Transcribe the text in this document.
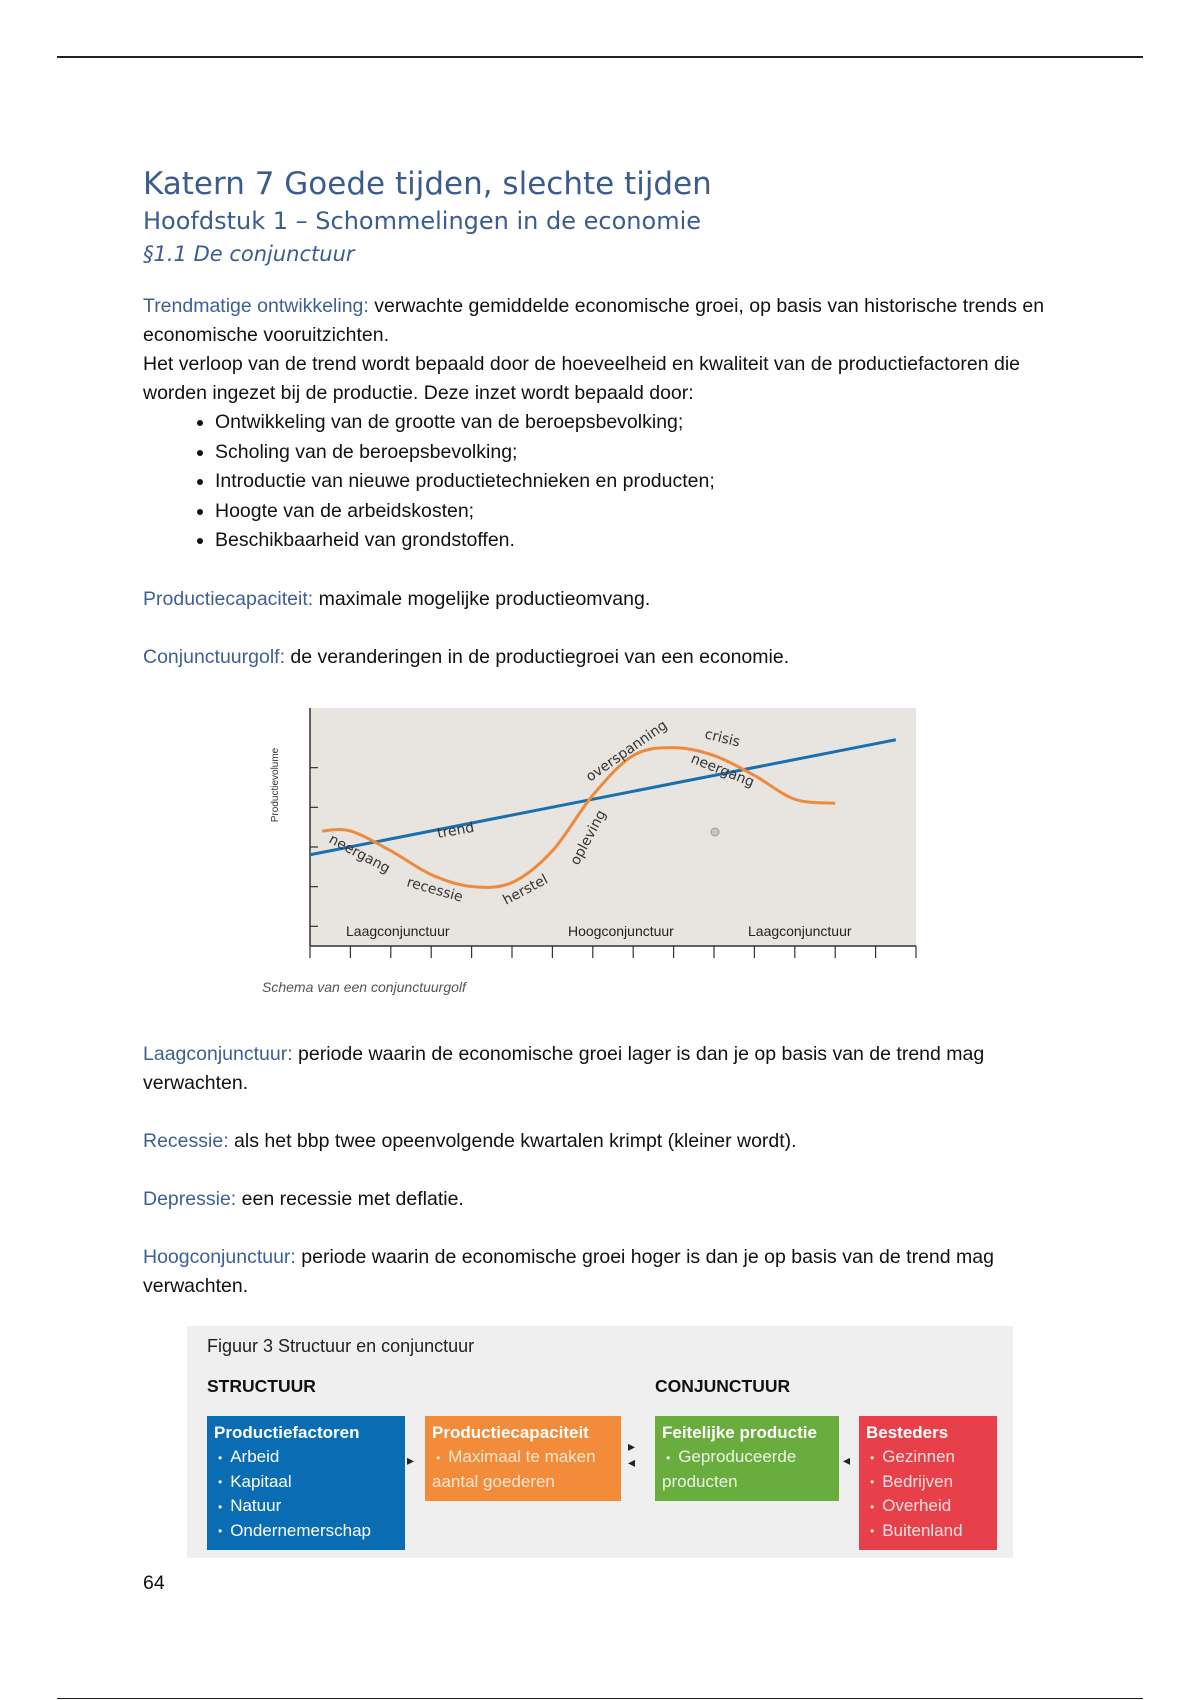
Katern 7 Goede tijden, slechte tijden
Hoofdstuk 1 – Schommelingen in de economie
§1.1 De conjunctuur

Trendmatige ontwikkeling: verwachte gemiddelde economische groei, op basis van historische trends en economische vooruitzichten.

Het verloop van de trend wordt bepaald door de hoeveelheid en kwaliteit van de productiefactoren die worden ingezet bij de productie. Deze inzet wordt bepaald door:

• Ontwikkeling van de grootte van de beroepsbevolking;
• Scholing van de beroepsbevolking;
• Introductie van nieuwe productietechnieken en producten;
• Hoogte van de arbeidskosten;
• Beschikbaarheid van grondstoffen.

Productiecapaciteit: maximale mogelijke productieomvang.

Conjunctuurgolf: de veranderingen in de productiegroei van een economie.

Laagconjunctuur: periode waarin de economische groei lager is dan je op basis van de trend mag verwachten.

Recessie: als het bbp twee opeenvolgende kwartalen krimpt (kleiner wordt).

Depressie: een recessie met deflatie.

Hoogconjunctuur: periode waarin de economische groei hoger is dan je op basis van de trend mag verwachten.

Productievolume
neergang
recessie	herstel
trend	opleving
overspanning crisis
neergang
Laagconjunctuur	Hoogconjunctuur	Laagconjunctuur
Schema van een conjunctuurgolf
Figuur 3 Structuur en conjunctuur
STRUCTUUR	CONJUNCTUUR
Productiefactoren
• Arbeid
• Kapitaal
• Natuur
• Ondernemerschap
▸
Productiecapaciteit
• Maximaal te maken aantal goederen
▸
◂
Feitelijke productie
• Geproduceerde producten
◂
Besteders
• Gezinnen
• Bedrijven
• Overheid
• Buitenland
64
